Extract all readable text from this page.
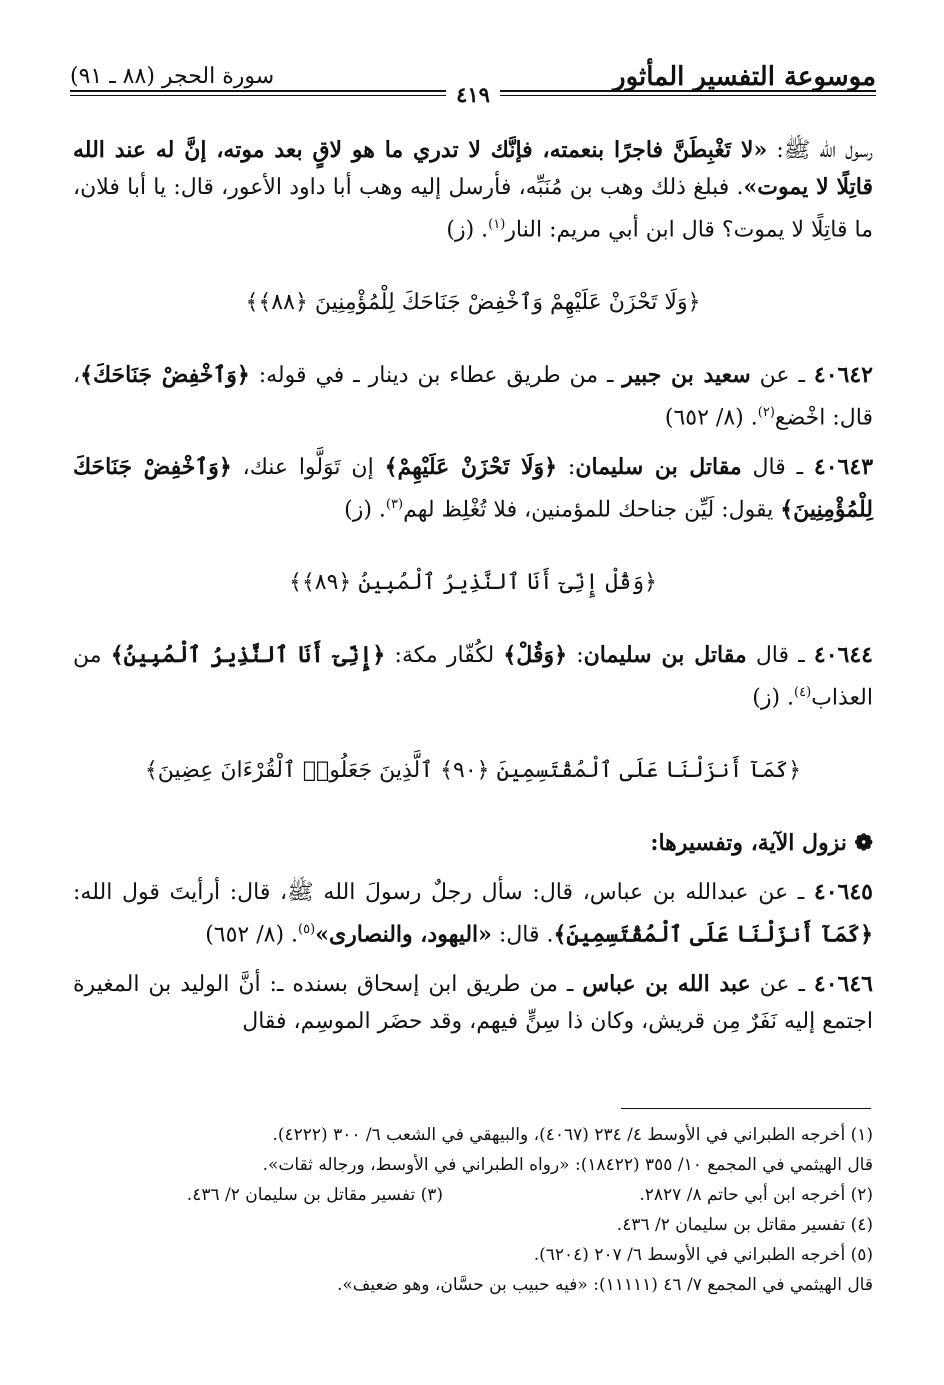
موسوعة التفسير المأثور
سورة الحجر (٨٨ ـ ٩١)
٤١٩

رسول الله ﷺ: «لا تَغْبِطَنَّ فاجرًا بنعمته، فإنَّك لا تدري ما هو لاقٍ بعد موته، إنَّ له عند الله قاتِلًا لا يموت». فبلغ ذلك وهب بن مُنَبِّه، فأرسل إليه وهب أبا داود الأعور، قال: يا أبا فلان، ما قاتِلًا لا يموت؟ قال ابن أبي مريم: النار$^{(١)}$. (ز)

﴿وَلَا تَحْزَنْ عَلَيْهِمْ وَٱخْفِضْ جَنَاحَكَ لِلْمُؤْمِنِينَ ﴿٨٨﴾﴾

٤٠٦٤٢ ـ عن سعيد بن جبير ـ من طريق عطاء بن دينار ـ في قوله: ﴿وَٱخْفِضْ جَنَاحَكَ﴾، قال: اخْضع$^{(٢)}$. (٨/ ٦٥٢)

٤٠٦٤٣ ـ قال مقاتل بن سليمان: ﴿وَلَا تَحْزَنْ عَلَيْهِمْ﴾ إن تَوَلَّوا عنك، ﴿وَٱخْفِضْ جَنَاحَكَ لِلْمُؤْمِنِينَ﴾ يقول: لَيِّن جناحك للمؤمنين، فلا تُغْلِظ لهم$^{(٣)}$. (ز)

﴿وَقُلْ إِنِّىٓ أَنَا ٱلنَّذِيرُ ٱلْمُبِينُ ﴿٨٩﴾﴾

٤٠٦٤٤ ـ قال مقاتل بن سليمان: ﴿وَقُلْ﴾ لكُفّار مكة: ﴿إِنِّىٓ أَنَا ٱلنَّذِيرُ ٱلْمُبِينُ﴾ من العذاب$^{(٤)}$. (ز)

﴿كَمَآ أَنزَلْنَا عَلَى ٱلْمُقْتَسِمِينَ ﴿٩٠﴾ ٱلَّذِينَ جَعَلُوا۟ ٱلْقُرْءَانَ عِضِينَ﴾

❁ نزول الآية، وتفسيرها:

٤٠٦٤٥ ـ عن عبدالله بن عباس، قال: سأل رجلٌ رسولَ الله ﷺ، قال: أرأيتَ قول الله: ﴿كَمَآ أَنزَلْنَا عَلَى ٱلْمُقْتَسِمِينَ﴾. قال: «اليهود، والنصارى»$^{(٥)}$. (٨/ ٦٥٢)

٤٠٦٤٦ ـ عن عبد الله بن عباس ـ من طريق ابن إسحاق بسنده ـ: أنَّ الوليد بن المغيرة اجتمع إليه نَفَرٌ مِن قريش، وكان ذا سِنٍّ فيهم، وقد حضَر الموسِم، فقال

(١) أخرجه الطبراني في الأوسط ٤/ ٢٣٤ (٤٠٦٧)، والبيهقي في الشعب ٦/ ٣٠٠ (٤٢٢٢).

قال الهيثمي في المجمع ١٠/ ٣٥٥ (١٨٤٢٢): «رواه الطبراني في الأوسط، ورجاله ثقات».

(٢) أخرجه ابن أبي حاتم ٨/ ٢٨٢٧.
(٣) تفسير مقاتل بن سليمان ٢/ ٤٣٦.

(٤) تفسير مقاتل بن سليمان ٢/ ٤٣٦.

(٥) أخرجه الطبراني في الأوسط ٦/ ٢٠٧ (٦٢٠٤).

قال الهيثمي في المجمع ٧/ ٤٦ (١١١١١): «فيه حبيب بن حسَّان، وهو ضعيف».
